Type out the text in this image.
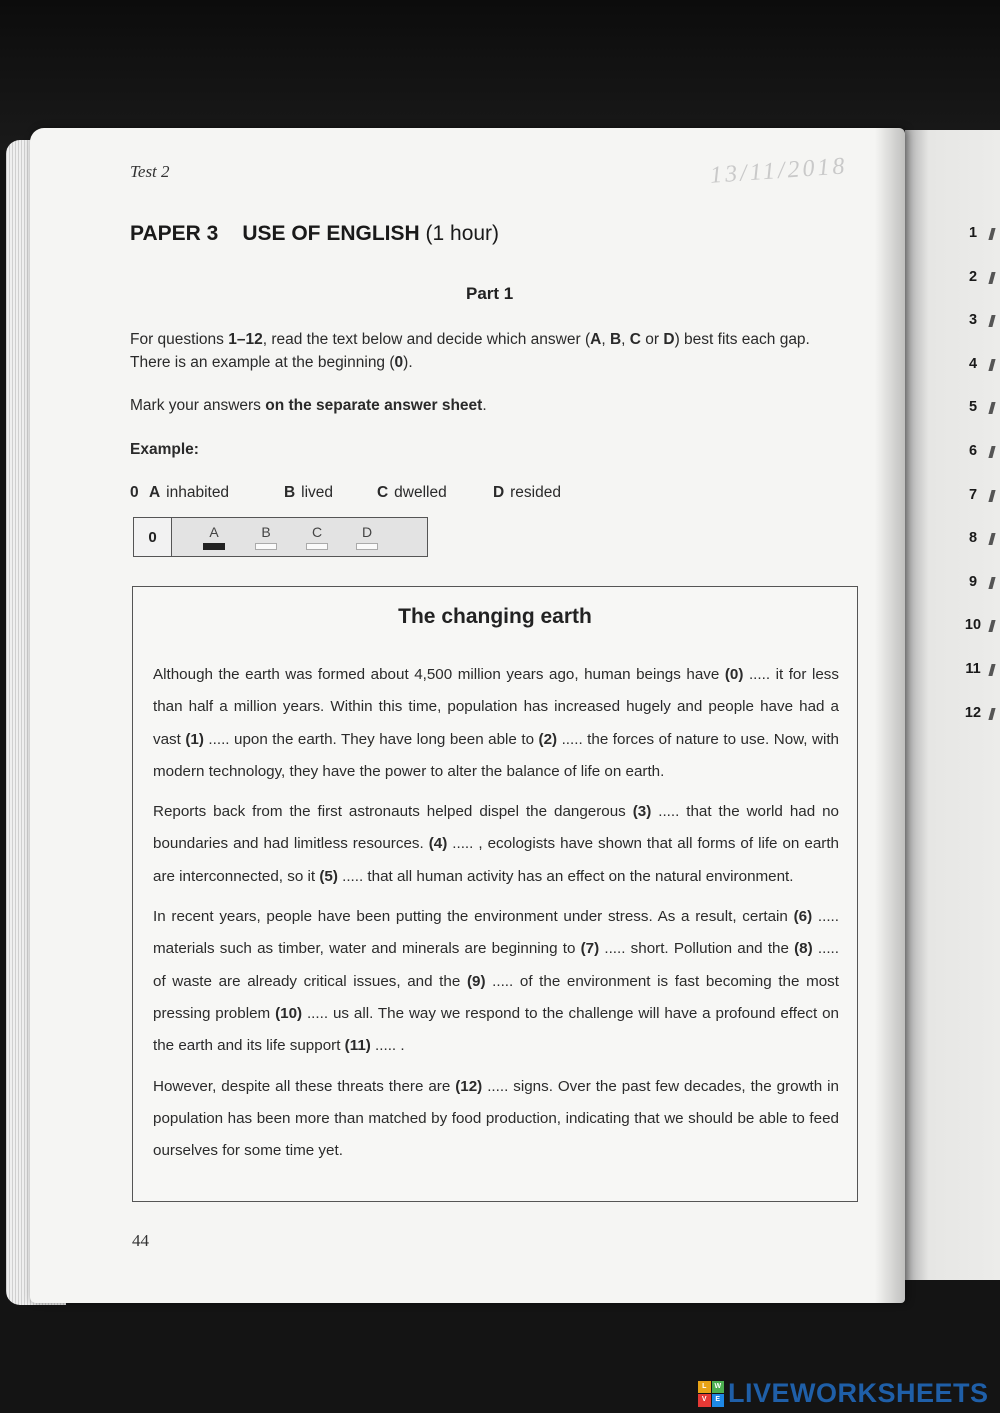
Test 2	13/11/2018
PAPER 3 USE OF ENGLISH (1 hour)
Part 1
For questions 1–12, read the text below and decide which answer (A, B, C or D) best fits each gap.
There is an example at the beginning (0).
Mark your answers on the separate answer sheet.
Example:
0 A inhabited	B lived	C dwelled	D resided
0	A	B	C	D
The changing earth

Although the earth was formed about 4,500 million years ago, human beings have (0) ..... it for less than half a million years. Within this time, population has increased hugely and people have had a vast (1) ..... upon the earth. They have long been able to (2) ..... the forces of nature to use. Now, with modern technology, they have the power to alter the balance of life on earth.

Reports back from the first astronauts helped dispel the dangerous (3) ..... that the world had no boundaries and had limitless resources. (4) ..... , ecologists have shown that all forms of life on earth are interconnected, so it (5) ..... that all human activity has an effect on the natural environment.

In recent years, people have been putting the environment under stress. As a result, certain (6) ..... materials such as timber, water and minerals are beginning to (7) ..... short. Pollution and the (8) ..... of waste are already critical issues, and the (9) ..... of the environment is fast becoming the most pressing problem (10) ..... us all. The way we respond to the challenge will have a profound effect on the earth and its life support (11) ..... .

However, despite all these threats there are (12) ..... signs. Over the past few decades, the growth in population has been more than matched by food production, indicating that we should be able to feed ourselves for some time yet.

44
1
2
3
4
5
6
7
8
9
10
11
12
L	W
V	E LIVEWORKSHEETS
